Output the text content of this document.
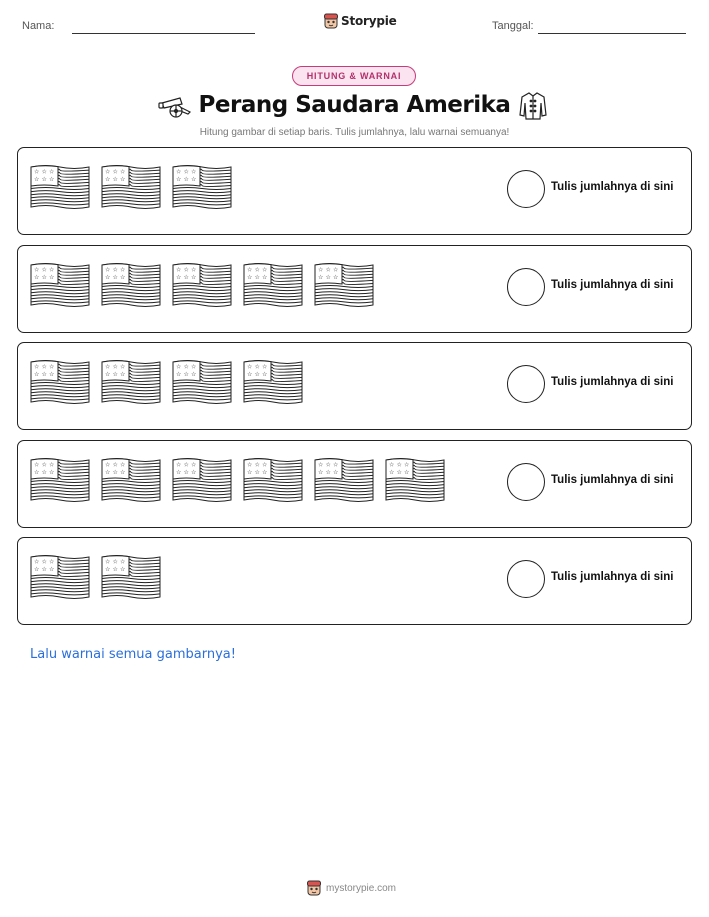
Nama:	Storypie	Tanggal:
HITUNG & WARNAI
Perang Saudara Amerika
Hitung gambar di setiap baris. Tulis jumlahnya, lalu warnai semuanya!
☆ ☆ ☆
☆ ☆ ☆
☆ ☆ ☆
☆ ☆ ☆
☆ ☆ ☆
☆ ☆ ☆
Tulis jumlahnya di sini
☆ ☆ ☆
☆ ☆ ☆
☆ ☆ ☆
☆ ☆ ☆
☆ ☆ ☆
☆ ☆ ☆
☆ ☆ ☆
☆ ☆ ☆
☆ ☆ ☆
☆ ☆ ☆
Tulis jumlahnya di sini
☆ ☆ ☆
☆ ☆ ☆
☆ ☆ ☆
☆ ☆ ☆
☆ ☆ ☆
☆ ☆ ☆
☆ ☆ ☆
☆ ☆ ☆
Tulis jumlahnya di sini
☆ ☆ ☆
☆ ☆ ☆
☆ ☆ ☆
☆ ☆ ☆
☆ ☆ ☆
☆ ☆ ☆
☆ ☆ ☆
☆ ☆ ☆
☆ ☆ ☆
☆ ☆ ☆
☆ ☆ ☆
☆ ☆ ☆
Tulis jumlahnya di sini
☆ ☆ ☆
☆ ☆ ☆
☆ ☆ ☆
☆ ☆ ☆
Tulis jumlahnya di sini
Lalu warnai semua gambarnya!
mystorypie.com
